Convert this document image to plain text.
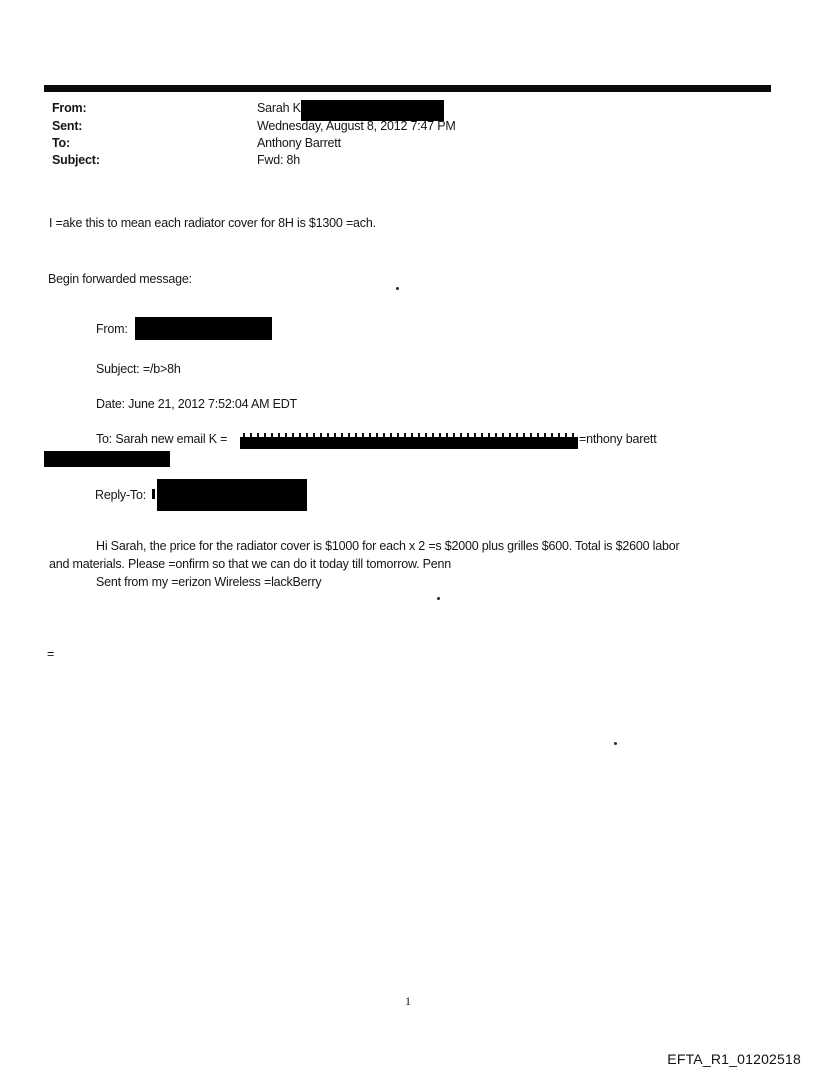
From:	Sarah K
Sent:	Wednesday, August 8, 2012 7:47 PM
To:	Anthony Barrett
Subject:	Fwd: 8h
I =ake this to mean each radiator cover for 8H is $1300 =ach.
Begin forwarded message:
From:
Subject: =/b>8h
Date: June 21, 2012 7:52:04 AM EDT
To: Sarah new email K =	=nthony barett
Reply-To:
Hi Sarah, the price for the radiator cover is $1000 for each x 2 =s $2000 plus grilles $600. Total is $2600 labor
and materials. Please =onfirm so that we can do it today till tomorrow. Penn
Sent from my =erizon Wireless =lackBerry
=
1
EFTA_R1_01202518
